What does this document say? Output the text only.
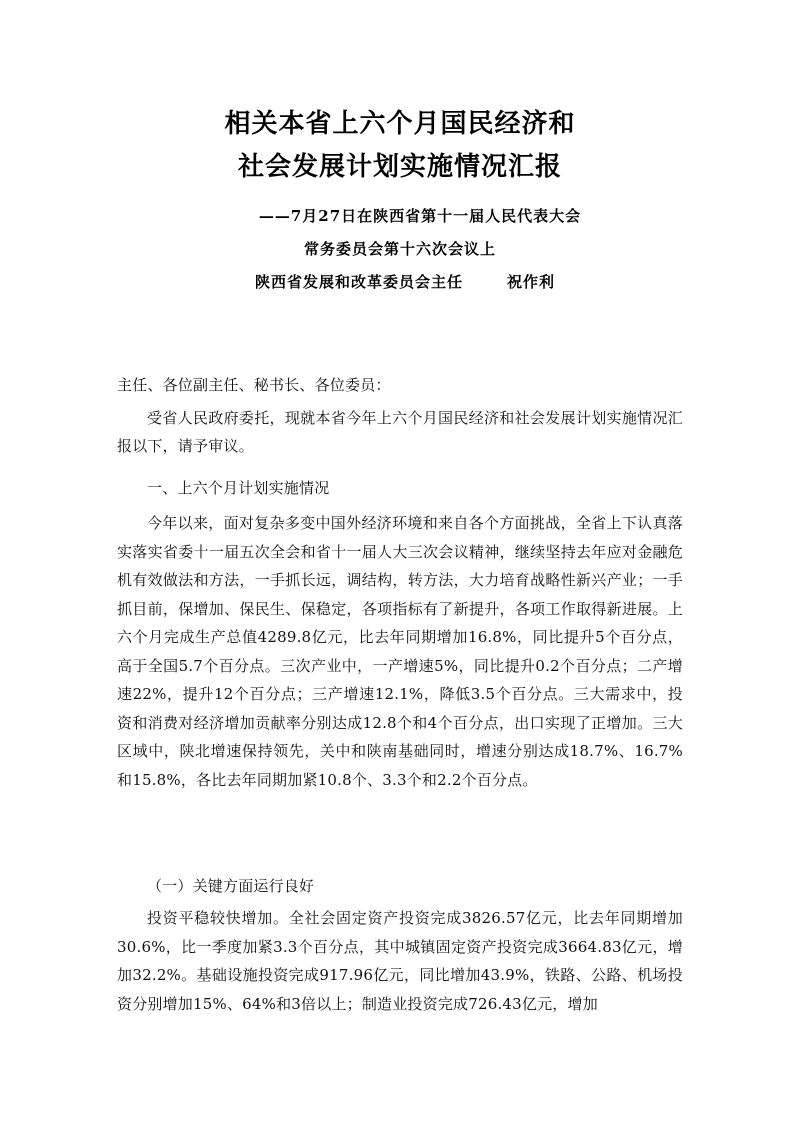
相关本省上六个月国民经济和
社会发展计划实施情况汇报
——7月27日在陕西省第十一届人民代表大会
常务委员会第十六次会议上
陕西省发展和改革委员会主任	祝作利
主任、各位副主任、秘书长、各位委员：
受省人民政府委托，现就本省今年上六个月国民经济和社会发展计划实施情况汇报以下，请予审议。
一、上六个月计划实施情况
今年以来，面对复杂多变中国外经济环境和来自各个方面挑战，全省上下认真落实落实省委十一届五次全会和省十一届人大三次会议精神，继续坚持去年应对金融危机有效做法和方法，一手抓长远，调结构，转方法，大力培育战略性新兴产业；一手抓目前，保增加、保民生、保稳定，各项指标有了新提升，各项工作取得新进展。上六个月完成生产总值4289.8亿元，比去年同期增加16.8%，同比提升5个百分点，高于全国5.7个百分点。三次产业中，一产增速5%，同比提升0.2个百分点；二产增速22%，提升12个百分点；三产增速12.1%，降低3.5个百分点。三大需求中，投资和消费对经济增加贡献率分别达成12.8个和4个百分点，出口实现了正增加。三大区域中，陕北增速保持领先，关中和陕南基础同时，增速分别达成18.7%、16.7%和15.8%，各比去年同期加紧10.8个、3.3个和2.2个百分点。
（一）关键方面运行良好
投资平稳较快增加。全社会固定资产投资完成3826.57亿元，比去年同期增加30.6%，比一季度加紧3.3个百分点，其中城镇固定资产投资完成3664.83亿元，增加32.2%。基础设施投资完成917.96亿元，同比增加43.9%，铁路、公路、机场投资分别增加15%、64%和3倍以上；制造业投资完成726.43亿元，增加
